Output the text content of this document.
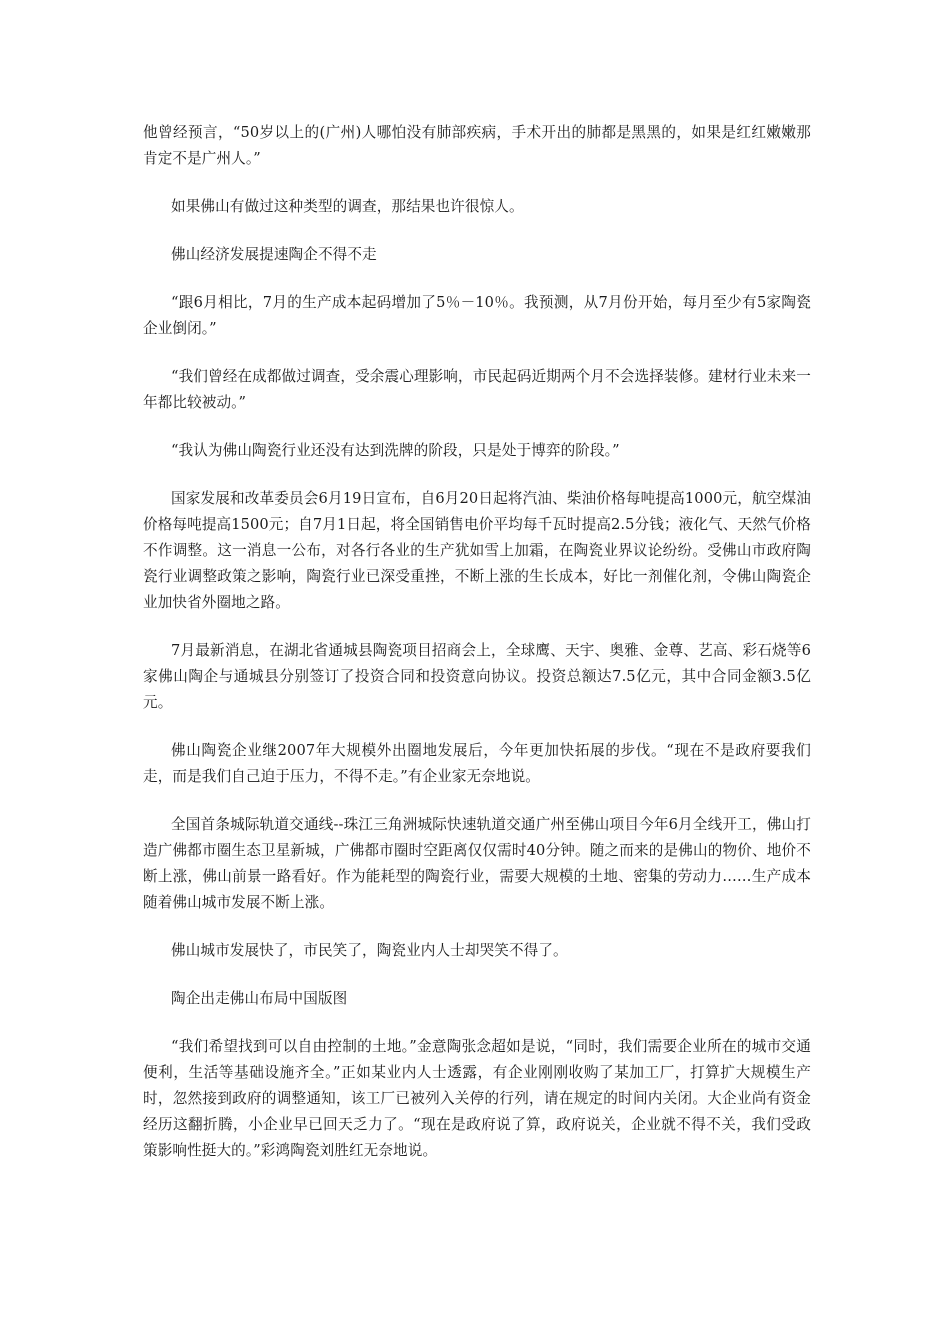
他曾经预言，“50岁以上的(广州)人哪怕没有肺部疾病，手术开出的肺都是黑黑的，如果是红红嫩嫩那肯定不是广州人。”

如果佛山有做过这种类型的调查，那结果也许很惊人。

佛山经济发展提速陶企不得不走

“跟6月相比，7月的生产成本起码增加了5％－10％。我预测，从7月份开始，每月至少有5家陶瓷企业倒闭。”

“我们曾经在成都做过调查，受余震心理影响，市民起码近期两个月不会选择装修。建材行业未来一年都比较被动。”

“我认为佛山陶瓷行业还没有达到洗牌的阶段，只是处于博弈的阶段。”

国家发展和改革委员会6月19日宣布，自6月20日起将汽油、柴油价格每吨提高1000元，航空煤油价格每吨提高1500元；自7月1日起，将全国销售电价平均每千瓦时提高2.5分钱；液化气、天然气价格不作调整。这一消息一公布，对各行各业的生产犹如雪上加霜，在陶瓷业界议论纷纷。受佛山市政府陶瓷行业调整政策之影响，陶瓷行业已深受重挫，不断上涨的生长成本，好比一剂催化剂，令佛山陶瓷企业加快省外圈地之路。

7月最新消息，在湖北省通城县陶瓷项目招商会上，全球鹰、天宇、奥雅、金尊、艺高、彩石烧等6家佛山陶企与通城县分别签订了投资合同和投资意向协议。投资总额达7.5亿元，其中合同金额3.5亿元。

佛山陶瓷企业继2007年大规模外出圈地发展后，今年更加快拓展的步伐。“现在不是政府要我们走，而是我们自己迫于压力，不得不走。”有企业家无奈地说。

全国首条城际轨道交通线--珠江三角洲城际快速轨道交通广州至佛山项目今年6月全线开工，佛山打造广佛都市圈生态卫星新城，广佛都市圈时空距离仅仅需时40分钟。随之而来的是佛山的物价、地价不断上涨，佛山前景一路看好。作为能耗型的陶瓷行业，需要大规模的土地、密集的劳动力……生产成本随着佛山城市发展不断上涨。

佛山城市发展快了，市民笑了，陶瓷业内人士却哭笑不得了。

陶企出走佛山布局中国版图

“我们希望找到可以自由控制的土地。”金意陶张念超如是说，“同时，我们需要企业所在的城市交通便利，生活等基础设施齐全。”正如某业内人士透露，有企业刚刚收购了某加工厂，打算扩大规模生产时，忽然接到政府的调整通知，该工厂已被列入关停的行列，请在规定的时间内关闭。大企业尚有资金经历这翻折腾，小企业早已回天乏力了。“现在是政府说了算，政府说关，企业就不得不关，我们受政策影响性挺大的。”彩鸿陶瓷刘胜红无奈地说。
